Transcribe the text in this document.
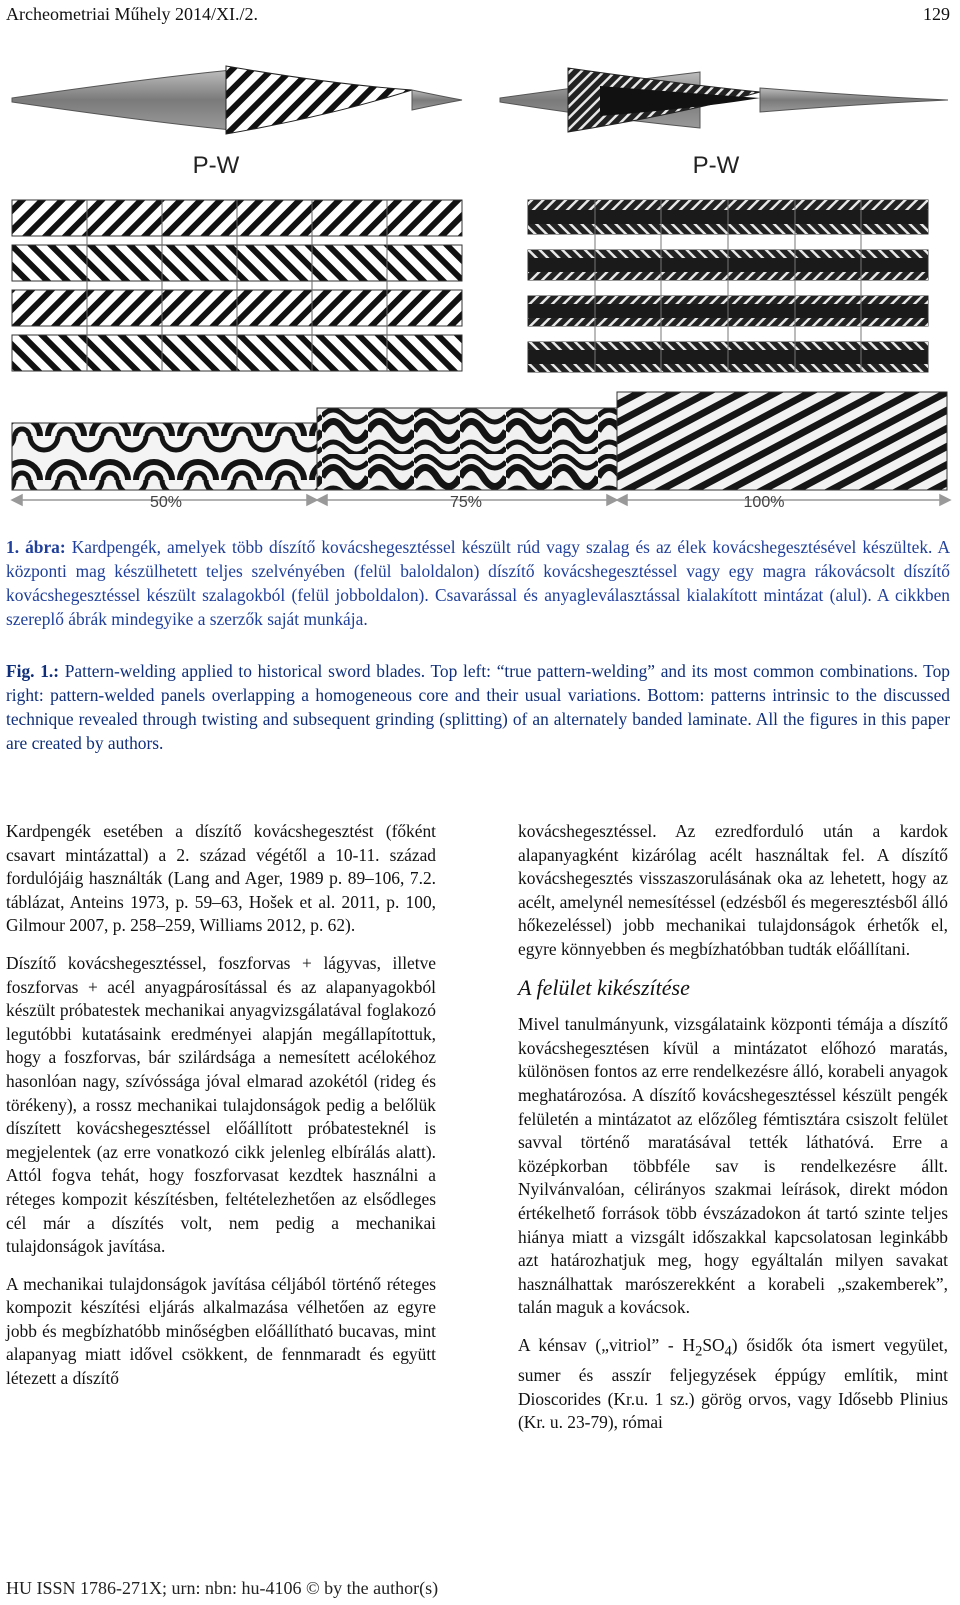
Archeometriai Műhely 2014/XI./2.	129
P-W	P-W
50%	75%	100%
1. ábra: Kardpengék, amelyek több díszítő kovácshegesztéssel készült rúd vagy szalag és az élek kovácshegesztésével készültek. A központi mag készülhetett teljes szelvényében (felül baloldalon) díszítő kovácshegesztéssel vagy egy magra rákovácsolt díszítő kovácshegesztéssel készült szalagokból (felül jobboldalon). Csavarással és anyagleválasztással kialakított mintázat (alul). A cikkben szereplő ábrák mindegyike a szerzők saját munkája.
Fig. 1.: Pattern-welding applied to historical sword blades. Top left: “true pattern-welding” and its most common combinations. Top right: pattern-welded panels overlapping a homogeneous core and their usual variations. Bottom: patterns intrinsic to the discussed technique revealed through twisting and subsequent grinding (splitting) of an alternately banded laminate. All the figures in this paper are created by authors.

Kardpengék esetében a díszítő kovácshegesztést (főként csavart mintázattal) a 2. század végétől a 10-11. század fordulójáig használták (Lang and Ager, 1989 p. 89–106, 7.2. táblázat, Anteins 1973, p. 59–63, Hošek et al. 2011, p. 100, Gilmour 2007, p. 258–259, Williams 2012, p. 62).

Díszítő kovácshegesztéssel, foszforvas + lágyvas, illetve foszforvas + acél anyagpárosítással és az alapanyagokból készült próbatestek mechanikai anyagvizsgálatával foglakozó legutóbbi kutatásaink eredményei alapján megállapítottuk, hogy a foszforvas, bár szilárdsága a nemesített acélokéhoz hasonlóan nagy, szívóssága jóval elmarad azokétól (rideg és törékeny), a rossz mechanikai tulajdonságok pedig a belőlük díszített kovácshegesztéssel előállított próbatesteknél is megjelentek (az erre vonatkozó cikk jelenleg elbírálás alatt). Attól fogva tehát, hogy foszforvasat kezdtek használni a réteges kompozit készítésben, feltételezhetően az elsődleges cél már a díszítés volt, nem pedig a mechanikai tulajdonságok javítása.

A mechanikai tulajdonságok javítása céljából történő réteges kompozit készítési eljárás alkalmazása vélhetően az egyre jobb és megbízhatóbb minőségben előállítható bucavas, mint alapanyag miatt idővel csökkent, de fennmaradt és együtt létezett a díszítő

kovácshegesztéssel. Az ezredforduló után a kardok alapanyagként kizárólag acélt használtak fel. A díszítő kovácshegesztés visszaszorulásának oka az lehetett, hogy az acélt, amelynél nemesítéssel (edzésből és megeresztésből álló hőkezeléssel) jobb mechanikai tulajdonságok érhetők el, egyre könnyebben és megbízhatóbban tudták előállítani.

A felület kikészítése

Mivel tanulmányunk, vizsgálataink központi témája a díszítő kovácshegesztésen kívül a mintázatot előhozó maratás, különösen fontos az erre rendelkezésre álló, korabeli anyagok meghatározósa. A díszítő kovácshegesztéssel készült pengék felületén a mintázatot az előzőleg fémtisztára csiszolt felület savval történő maratásával tették láthatóvá. Erre a középkorban többféle sav is rendelkezésre állt. Nyilvánvalóan, célirányos szakmai leírások, direkt módon értékelhető források több évszázadokon át tartó szinte teljes hiánya miatt a vizsgált időszakkal kapcsolatosan leginkább azt határozhatjuk meg, hogy egyáltalán milyen savakat használhattak marószerekként a korabeli „szakemberek”, talán maguk a kovácsok.

A kénsav („vitriol” - $H_2SO_4$) ősidők óta ismert vegyület, sumer és asszír feljegyzések éppúgy említik, mint Dioscorides (Kr.u. 1 sz.) görög orvos, vagy Idősebb Plinius (Kr. u. 23-79), római

HU ISSN 1786-271X; urn: nbn: hu-4106 © by the author(s)
